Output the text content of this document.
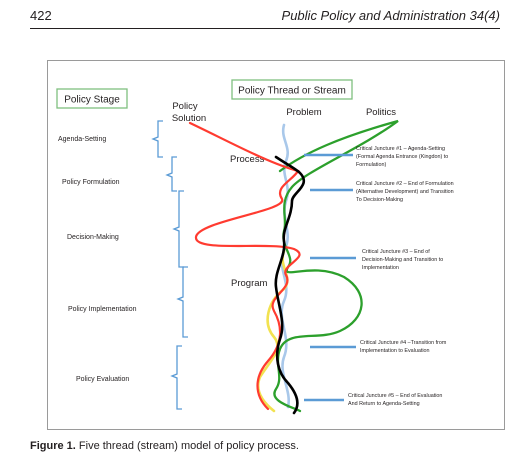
422	Public Policy and Administration 34(4)
Policy Stage
Policy Thread or Stream
Policy
Solution
Problem	Politics
Process
Program
Agenda-Setting
Policy Formulation
Decision-Making
Policy Implementation
Policy Evaluation
Critical Juncture #1 – Agenda-Setting
(Formal Agenda Entrance (Kingdon) to
Formulation)
Critical Juncture #2 – End of Formulation
(Alternative Development) and Transition
To Decision-Making
Critical Juncture #3 – End of
Decision-Making and Transition to
Implementation
Critical Juncture #4 –Transition from
Implementation to Evaluation
Critical Juncture #5 – End of Evaluation
And Return to Agenda-Setting
Figure 1. Five thread (stream) model of policy process.
